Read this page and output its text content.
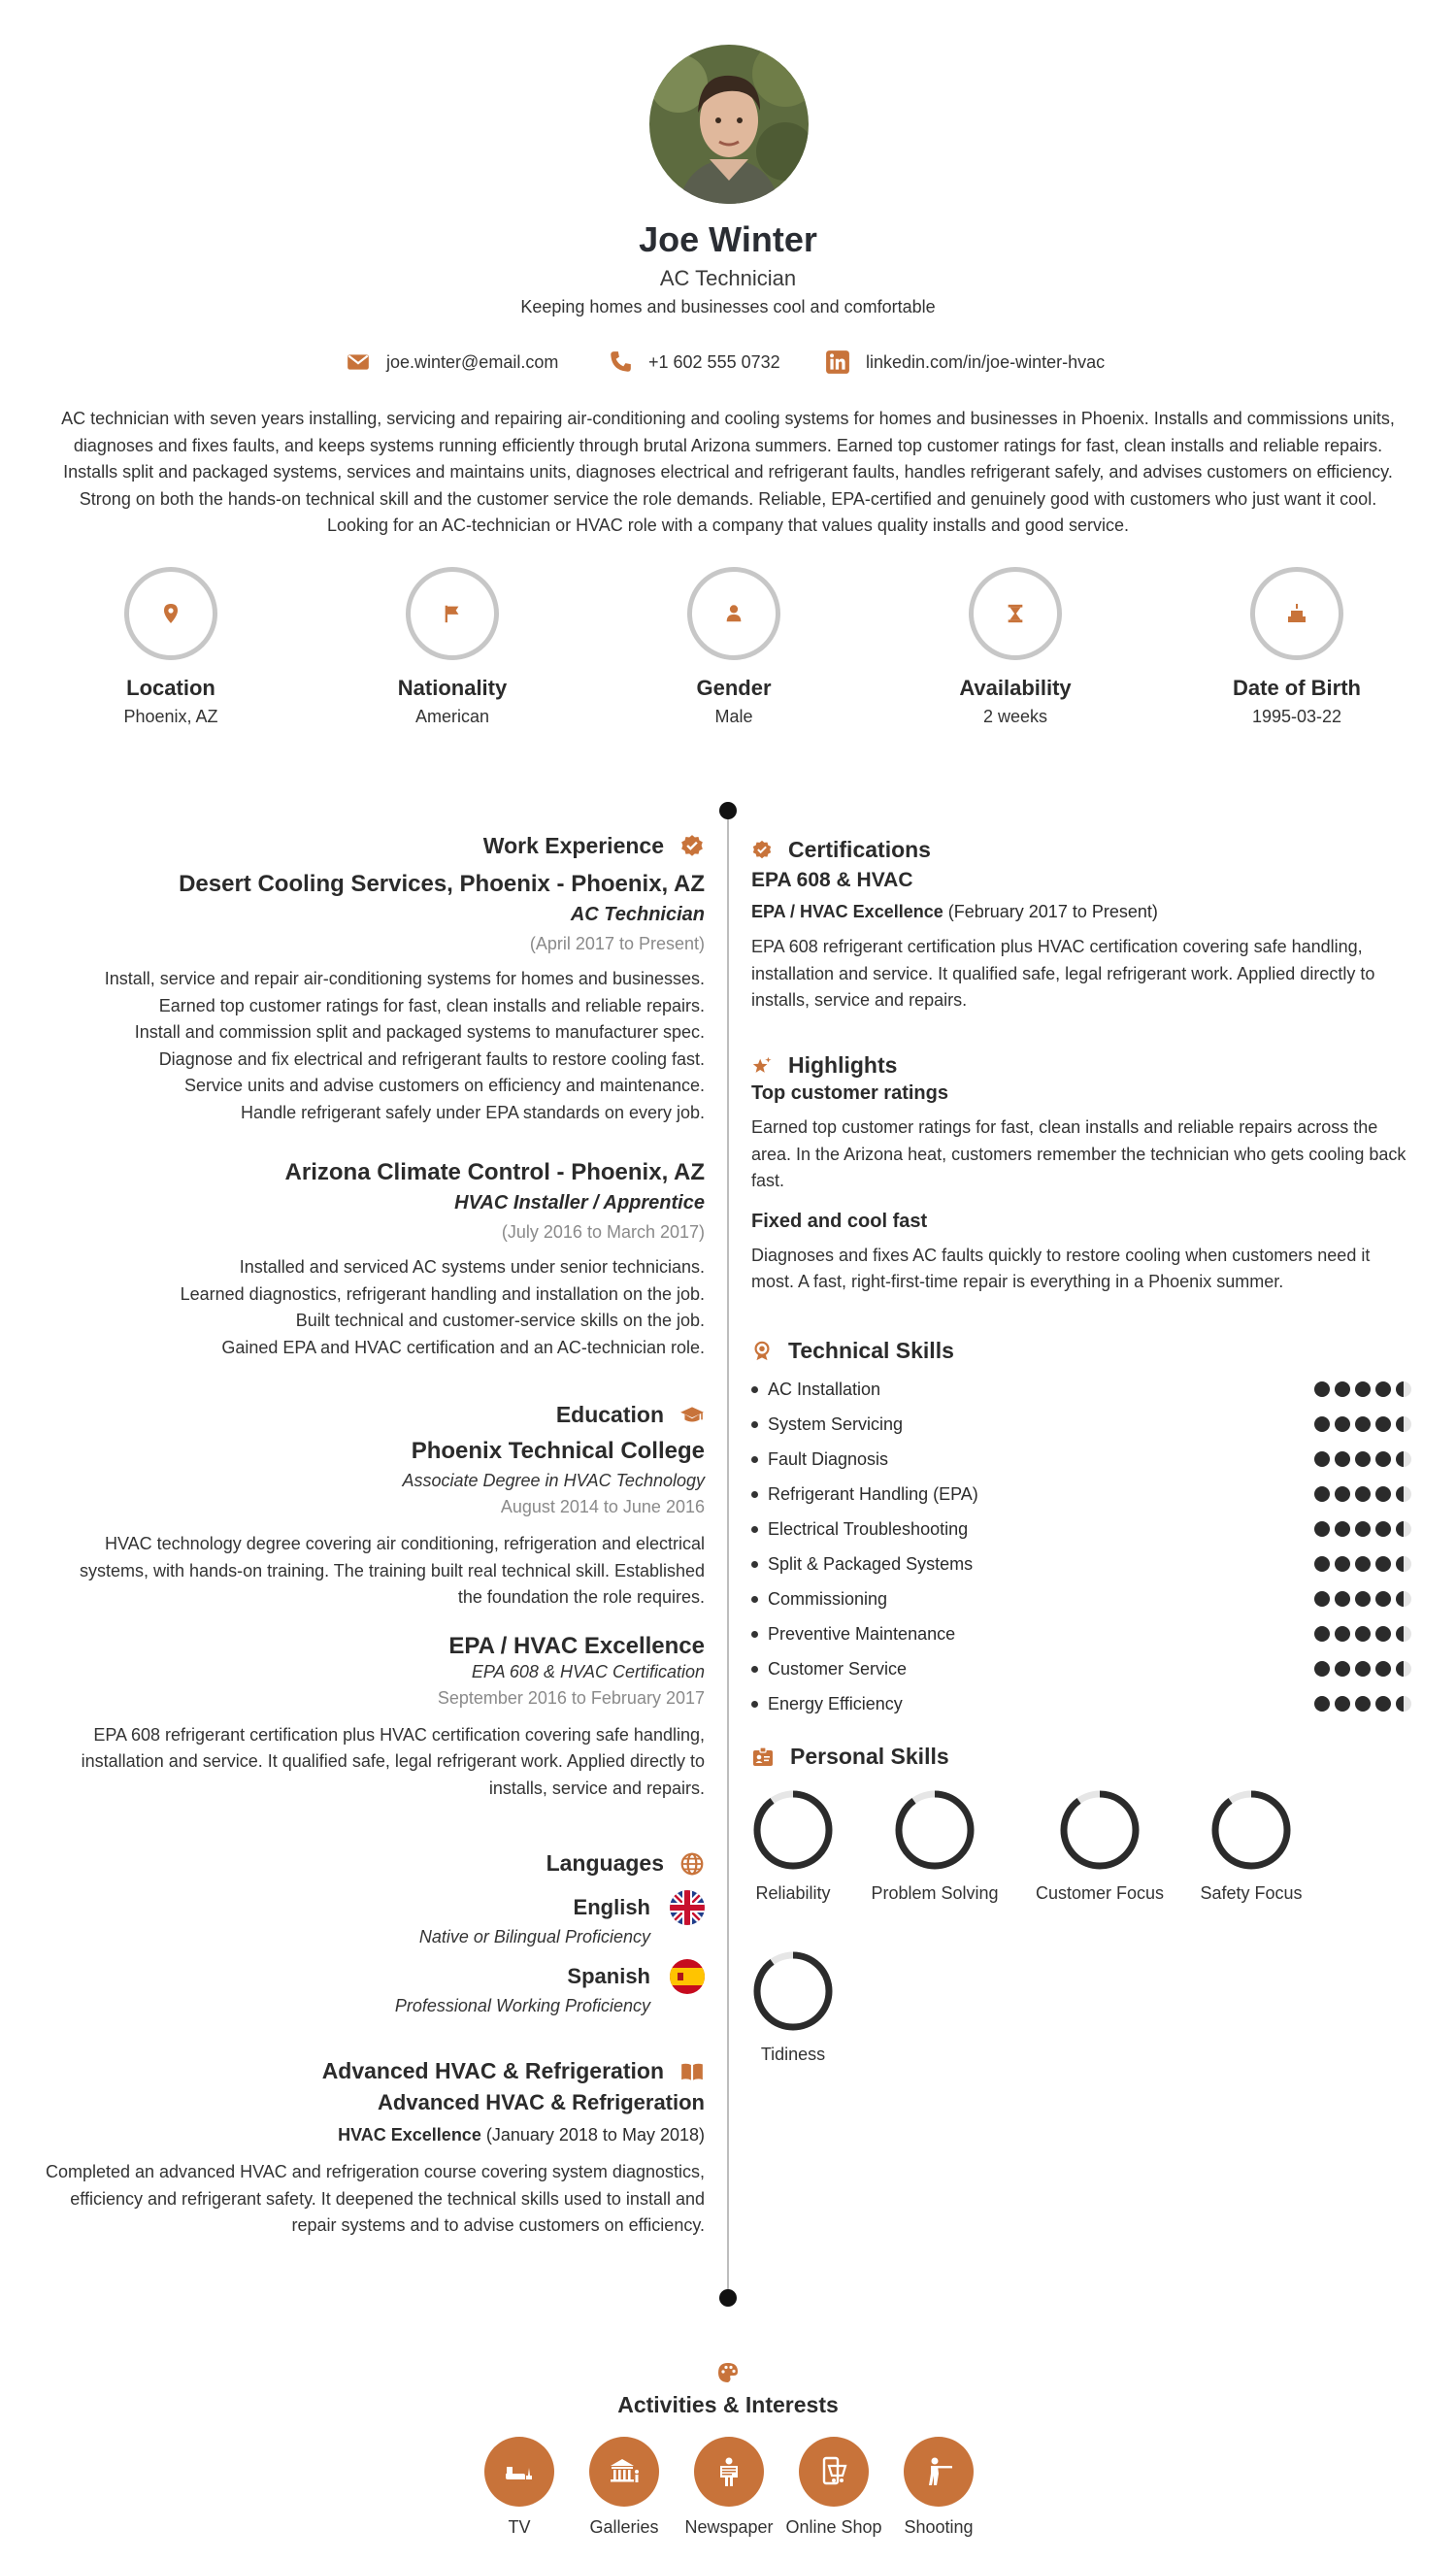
Joe Winter
AC Technician
Keeping homes and businesses cool and comfortable
joe.winter@email.com	+1 602 555 0732	linkedin.com/in/joe-winter-hvac
AC technician with seven years installing, servicing and repairing air-conditioning and cooling systems for homes and businesses in Phoenix. Installs and commissions units, diagnoses and fixes faults, and keeps systems running efficiently through brutal Arizona summers. Earned top customer ratings for fast, clean installs and reliable repairs. Installs split and packaged systems, services and maintains units, diagnoses electrical and refrigerant faults, handles refrigerant safely, and advises customers on efficiency. Strong on both the hands-on technical skill and the customer service the role demands. Reliable, EPA-certified and genuinely good with customers who just want it cool. Looking for an AC-technician or HVAC role with a company that values quality installs and good service.
Location
Phoenix, AZ
Nationality
American
Gender
Male
Availability
2 weeks
Date of Birth
1995-03-22
Work Experience
Desert Cooling Services, Phoenix - Phoenix, AZ
AC Technician
(April 2017 to Present)
Install, service and repair air-conditioning systems for homes and businesses.
Earned top customer ratings for fast, clean installs and reliable repairs.
Install and commission split and packaged systems to manufacturer spec.
Diagnose and fix electrical and refrigerant faults to restore cooling fast.
Service units and advise customers on efficiency and maintenance.
Handle refrigerant safely under EPA standards on every job.
Arizona Climate Control - Phoenix, AZ
HVAC Installer / Apprentice
(July 2016 to March 2017)
Installed and serviced AC systems under senior technicians.
Learned diagnostics, refrigerant handling and installation on the job.
Built technical and customer-service skills on the job.
Gained EPA and HVAC certification and an AC-technician role.
Education
Phoenix Technical College
Associate Degree in HVAC Technology
August 2014 to June 2016
HVAC technology degree covering air conditioning, refrigeration and electrical systems, with hands-on training. The training built real technical skill. Established the foundation the role requires.
EPA / HVAC Excellence
EPA 608 & HVAC Certification
September 2016 to February 2017
EPA 608 refrigerant certification plus HVAC certification covering safe handling, installation and service. It qualified safe, legal refrigerant work. Applied directly to installs, service and repairs.
Languages
English
Native or Bilingual Proficiency
Spanish
Professional Working Proficiency
Advanced HVAC & Refrigeration
Advanced HVAC & Refrigeration
HVAC Excellence (January 2018 to May 2018)
Completed an advanced HVAC and refrigeration course covering system diagnostics, efficiency and refrigerant safety. It deepened the technical skills used to install and repair systems and to advise customers on efficiency.
Certifications
EPA 608 & HVAC
EPA / HVAC Excellence (February 2017 to Present)
EPA 608 refrigerant certification plus HVAC certification covering safe handling, installation and service. It qualified safe, legal refrigerant work. Applied directly to installs, service and repairs.
Highlights
Top customer ratings
Earned top customer ratings for fast, clean installs and reliable repairs across the area. In the Arizona heat, customers remember the technician who gets cooling back fast.
Fixed and cool fast
Diagnoses and fixes AC faults quickly to restore cooling when customers need it most. A fast, right-first-time repair is everything in a Phoenix summer.
Technical Skills
AC Installation
System Servicing
Fault Diagnosis
Refrigerant Handling (EPA)
Electrical Troubleshooting
Split & Packaged Systems
Commissioning
Preventive Maintenance
Customer Service
Energy Efficiency
Personal Skills
Reliability	Problem Solving	Customer Focus	Safety Focus
Tidiness
Activities & Interests
TV	Galleries	Newspaper Online Shop	Shooting
